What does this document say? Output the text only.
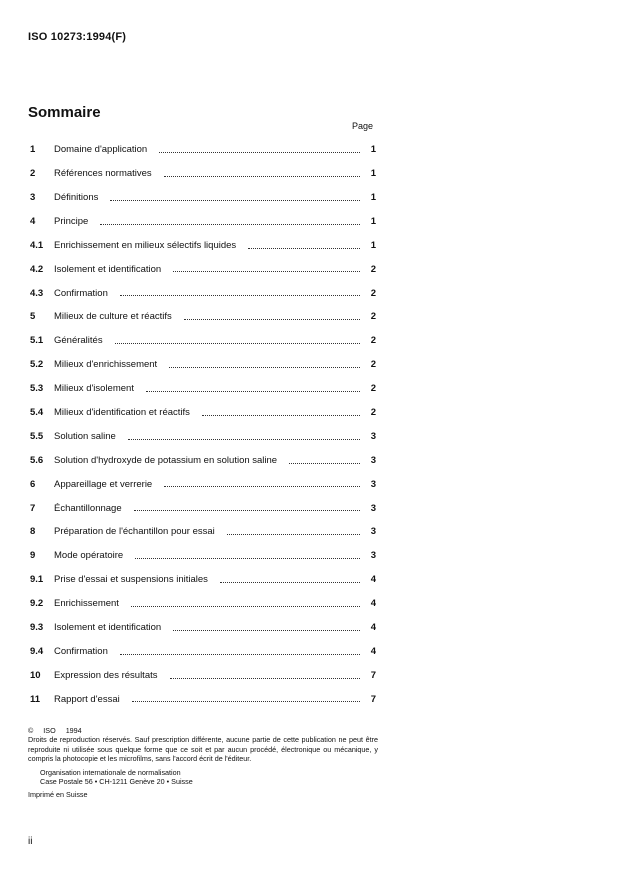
ISO 10273:1994(F)
Sommaire
Page
1	Domaine d'application	1
2	Références normatives	1
3	Définitions	1
4	Principe	1
4.1	Enrichissement en milieux sélectifs liquides	1
4.2	Isolement et identification	2
4.3	Confirmation	2
5	Milieux de culture et réactifs	2
5.1	Généralités	2
5.2	Milieux d'enrichissement	2
5.3	Milieux d'isolement	2
5.4	Milieux d'identification et réactifs	2
5.5	Solution saline	3
5.6	Solution d'hydroxyde de potassium en solution saline	3
6	Appareillage et verrerie	3
7	Échantillonnage	3
8	Préparation de l'échantillon pour essai	3
9	Mode opératoire	3
9.1	Prise d'essai et suspensions initiales	4
9.2	Enrichissement	4
9.3	Isolement et identification	4
9.4	Confirmation	4
10	Expression des résultats	7
11	Rapport d'essai	7
© ISO 1994

Droits de reproduction réservés. Sauf prescription différente, aucune partie de cette publication ne peut être reproduite ni utilisée sous quelque forme que ce soit et par aucun procédé, électronique ou mécanique, y compris la photocopie et les microfilms, sans l'accord écrit de l'éditeur.

Organisation internationale de normalisation
Case Postale 56 • CH-1211 Genève 20 • Suisse

Imprimé en Suisse

ii
